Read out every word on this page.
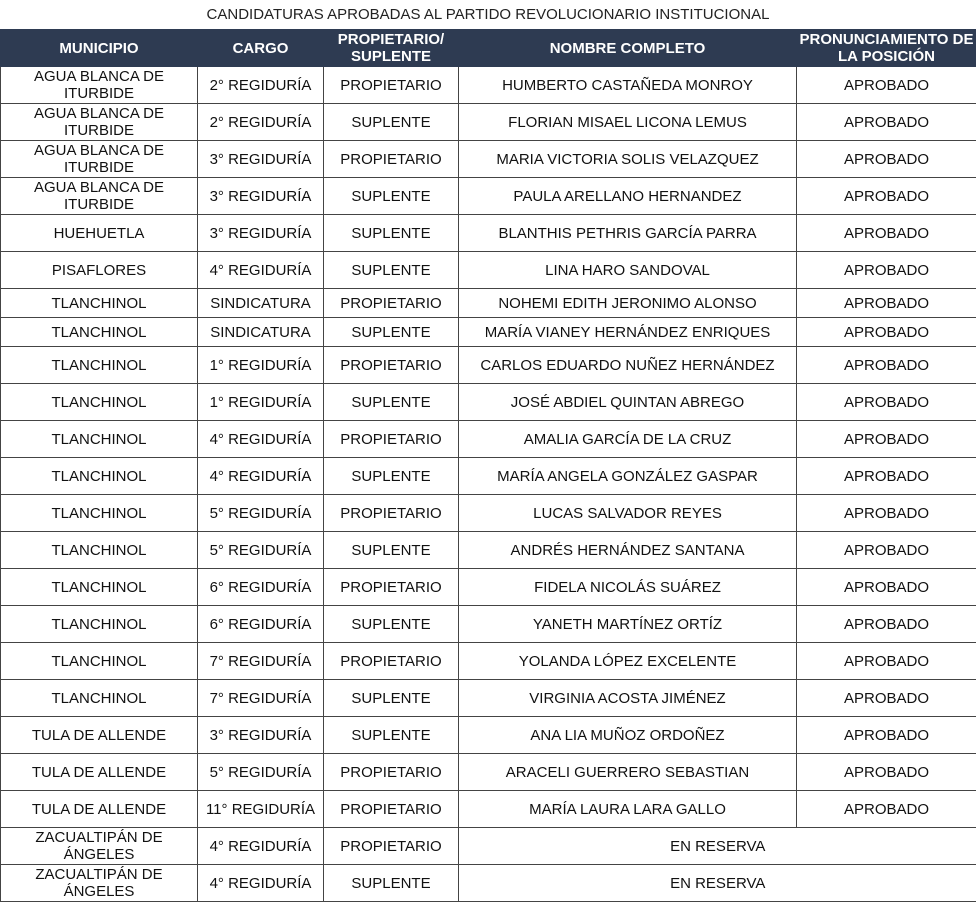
CANDIDATURAS APROBADAS AL PARTIDO REVOLUCIONARIO INSTITUCIONAL
MUNICIPIO	CARGO	PROPIETARIO/ SUPLENTE	NOMBRE COMPLETO	PRONUNCIAMIENTO DE LA POSICIÓN
AGUA BLANCA DE ITURBIDE	2° REGIDURÍA	PROPIETARIO	HUMBERTO CASTAÑEDA MONROY	APROBADO
AGUA BLANCA DE ITURBIDE	2° REGIDURÍA	SUPLENTE	FLORIAN MISAEL LICONA LEMUS	APROBADO
AGUA BLANCA DE ITURBIDE	3° REGIDURÍA	PROPIETARIO	MARIA VICTORIA SOLIS VELAZQUEZ	APROBADO
AGUA BLANCA DE ITURBIDE	3° REGIDURÍA	SUPLENTE	PAULA ARELLANO HERNANDEZ	APROBADO
HUEHUETLA	3° REGIDURÍA	SUPLENTE	BLANTHIS PETHRIS GARCÍA PARRA	APROBADO
PISAFLORES	4° REGIDURÍA	SUPLENTE	LINA HARO SANDOVAL	APROBADO
TLANCHINOL	SINDICATURA	PROPIETARIO	NOHEMI EDITH JERONIMO ALONSO	APROBADO
TLANCHINOL	SINDICATURA	SUPLENTE	MARÍA VIANEY HERNÁNDEZ ENRIQUES	APROBADO
TLANCHINOL	1° REGIDURÍA	PROPIETARIO	CARLOS EDUARDO NUÑEZ HERNÁNDEZ	APROBADO
TLANCHINOL	1° REGIDURÍA	SUPLENTE	JOSÉ ABDIEL QUINTAN ABREGO	APROBADO
TLANCHINOL	4° REGIDURÍA	PROPIETARIO	AMALIA GARCÍA DE LA CRUZ	APROBADO
TLANCHINOL	4° REGIDURÍA	SUPLENTE	MARÍA ANGELA GONZÁLEZ GASPAR	APROBADO
TLANCHINOL	5° REGIDURÍA	PROPIETARIO	LUCAS SALVADOR REYES	APROBADO
TLANCHINOL	5° REGIDURÍA	SUPLENTE	ANDRÉS HERNÁNDEZ SANTANA	APROBADO
TLANCHINOL	6° REGIDURÍA	PROPIETARIO	FIDELA NICOLÁS SUÁREZ	APROBADO
TLANCHINOL	6° REGIDURÍA	SUPLENTE	YANETH MARTÍNEZ ORTÍZ	APROBADO
TLANCHINOL	7° REGIDURÍA	PROPIETARIO	YOLANDA LÓPEZ EXCELENTE	APROBADO
TLANCHINOL	7° REGIDURÍA	SUPLENTE	VIRGINIA ACOSTA JIMÉNEZ	APROBADO
TULA DE ALLENDE	3° REGIDURÍA	SUPLENTE	ANA LIA MUÑOZ ORDOÑEZ	APROBADO
TULA DE ALLENDE	5° REGIDURÍA	PROPIETARIO	ARACELI GUERRERO SEBASTIAN	APROBADO
TULA DE ALLENDE	11° REGIDURÍA	PROPIETARIO	MARÍA LAURA LARA GALLO	APROBADO
ZACUALTIPÁN DE ÁNGELES	4° REGIDURÍA	PROPIETARIO	EN RESERVA	
ZACUALTIPÁN DE ÁNGELES	4° REGIDURÍA	SUPLENTE	EN RESERVA	
